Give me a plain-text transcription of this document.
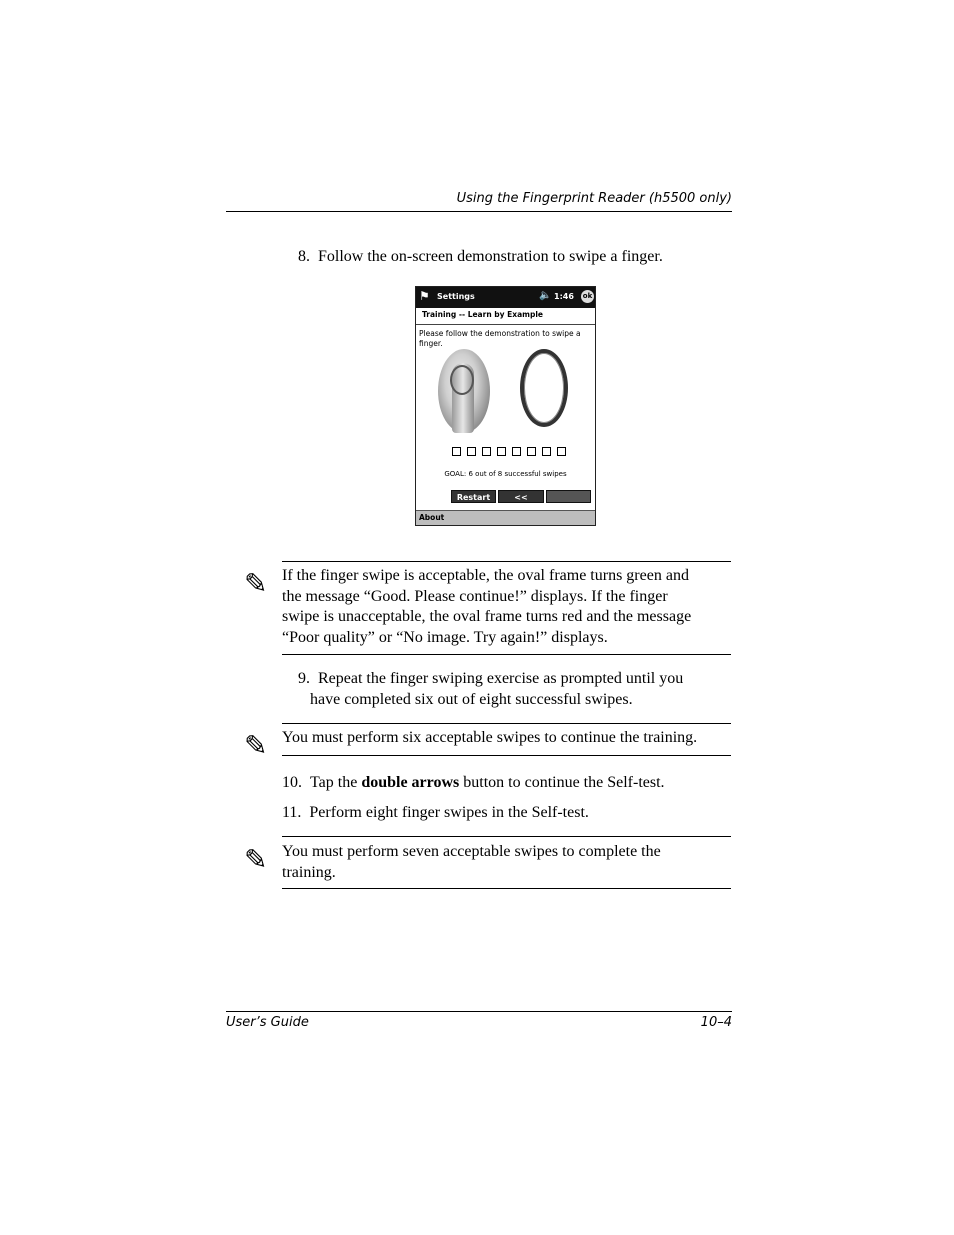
Using the Fingerprint Reader (h5500 only)
8. Follow the on-screen demonstration to swipe a finger.
⚑ Settings	🔈 1:46 ok
Training -- Learn by Example
Please follow the demonstration to swipe a finger.
GOAL: 6 out of 8 successful swipes
Restart	<<
About
✎ If the finger swipe is acceptable, the oval frame turns green and
the message “Good. Please continue!” displays. If the finger
swipe is unacceptable, the oval frame turns red and the message
“Poor quality” or “No image. Try again!” displays.
9. Repeat the finger swiping exercise as prompted until you
have completed six out of eight successful swipes.
✎ You must perform six acceptable swipes to continue the training.
10. Tap the double arrows button to continue the Self-test.
11. Perform eight finger swipes in the Self-test.
✎ You must perform seven acceptable swipes to complete the
training.
User’s Guide	10–4
